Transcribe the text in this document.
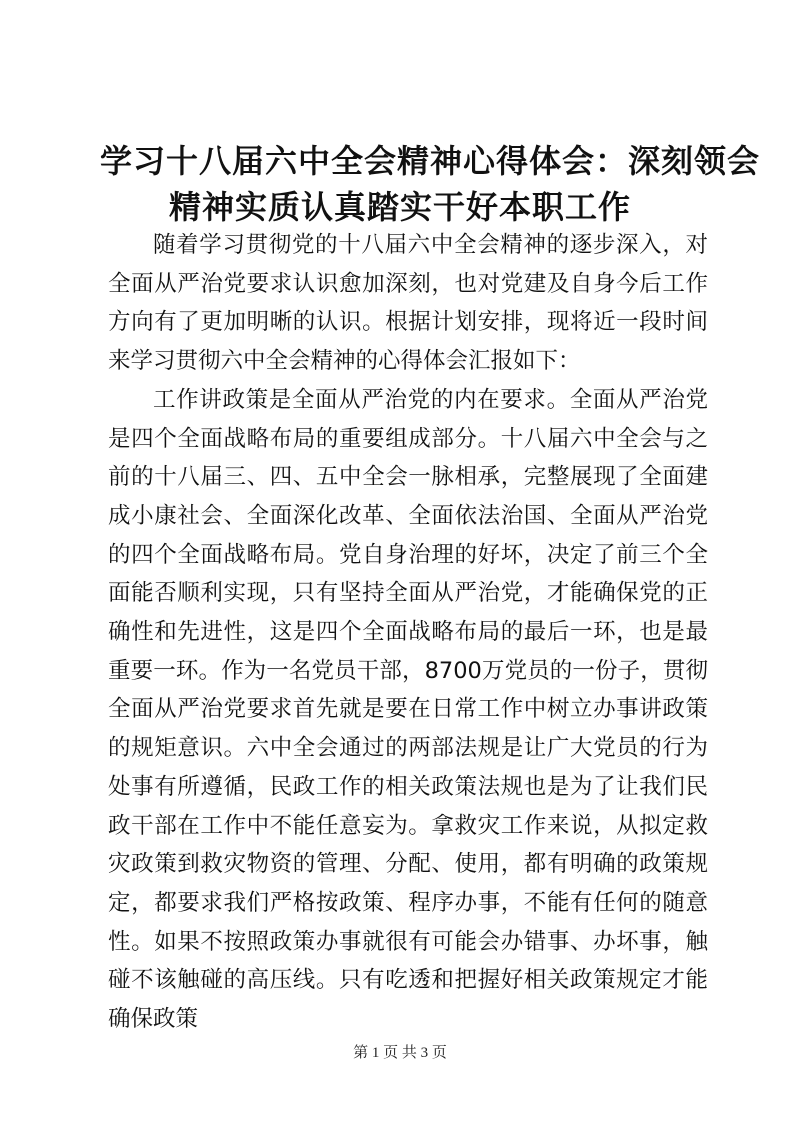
学习十八届六中全会精神心得体会：深刻领会
精神实质认真踏实干好本职工作

随着学习贯彻党的十八届六中全会精神的逐步深入，对全面从严治党要求认识愈加深刻，也对党建及自身今后工作方向有了更加明晰的认识。根据计划安排，现将近一段时间来学习贯彻六中全会精神的心得体会汇报如下：

工作讲政策是全面从严治党的内在要求。全面从严治党是四个全面战略布局的重要组成部分。十八届六中全会与之前的十八届三、四、五中全会一脉相承，完整展现了全面建成小康社会、全面深化改革、全面依法治国、全面从严治党的四个全面战略布局。党自身治理的好坏，决定了前三个全面能否顺利实现，只有坚持全面从严治党，才能确保党的正确性和先进性，这是四个全面战略布局的最后一环，也是最重要一环。作为一名党员干部，8700万党员的一份子，贯彻全面从严治党要求首先就是要在日常工作中树立办事讲政策的规矩意识。六中全会通过的两部法规是让广大党员的行为处事有所遵循，民政工作的相关政策法规也是为了让我们民政干部在工作中不能任意妄为。拿救灾工作来说，从拟定救灾政策到救灾物资的管理、分配、使用，都有明确的政策规定，都要求我们严格按政策、程序办事，不能有任何的随意性。如果不按照政策办事就很有可能会办错事、办坏事，触碰不该触碰的高压线。只有吃透和把握好相关政策规定才能确保政策

第 1 页 共 3 页
